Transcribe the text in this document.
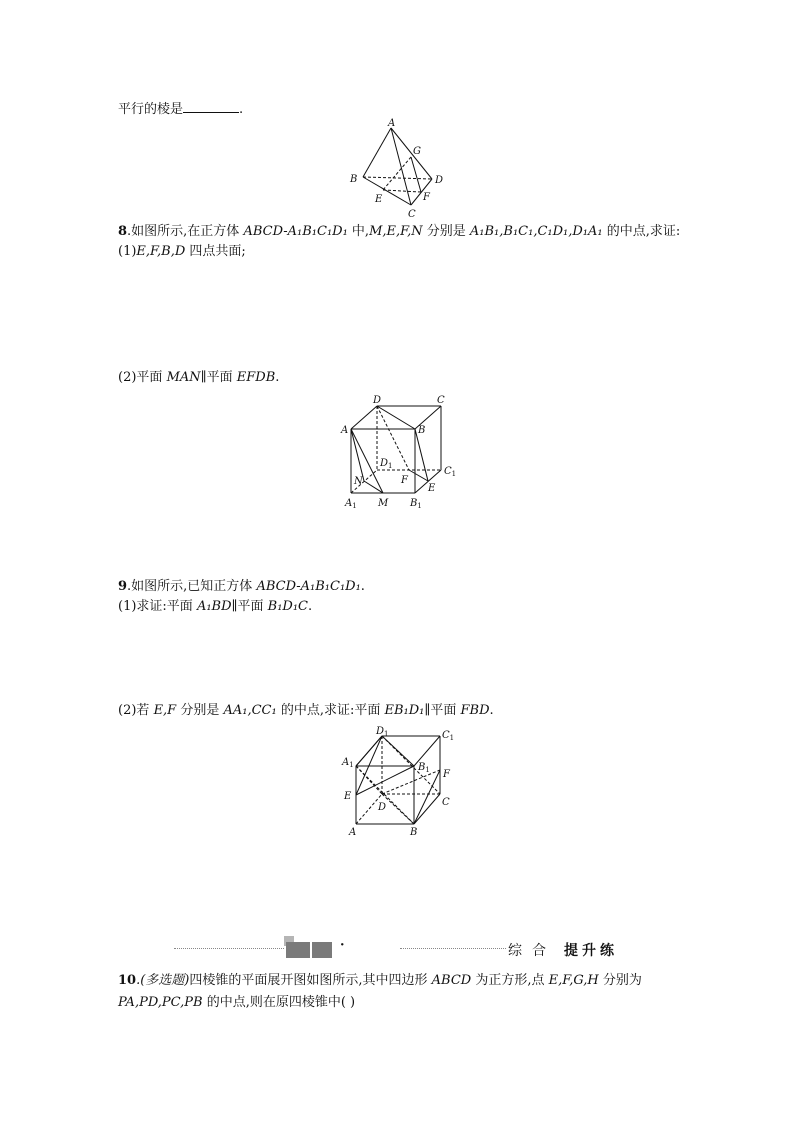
平行的棱是	.
A
B
C
D
E	F
G
8.如图所示,在正方体 ABCD-A₁B₁C₁D₁ 中,M,E,F,N 分别是 A₁B₁,B₁C₁,C₁D₁,D₁A₁ 的中点,求证:
(1)E,F,B,D 四点共面;
(2)平面 MAN∥平面 EFDB.
D	C
A	B
$D_1$	$C_1$
F
E
N
$A_1$ M $B_1$
9.如图所示,已知正方体 ABCD-A₁B₁C₁D₁.
(1)求证:平面 A₁BD∥平面 B₁D₁C.
(2)若 E,F 分别是 AA₁,CC₁ 的中点,求证:平面 EB₁D₁∥平面 FBD.
$D_1$	$C_1$
$A_1$	$B_1$ F
E
D	C
A	B
·	综合 提升练
10.(多选题)四棱锥的平面展开图如图所示,其中四边形 ABCD 为正方形,点 E,F,G,H 分别为
PA,PD,PC,PB 的中点,则在原四棱锥中( )
